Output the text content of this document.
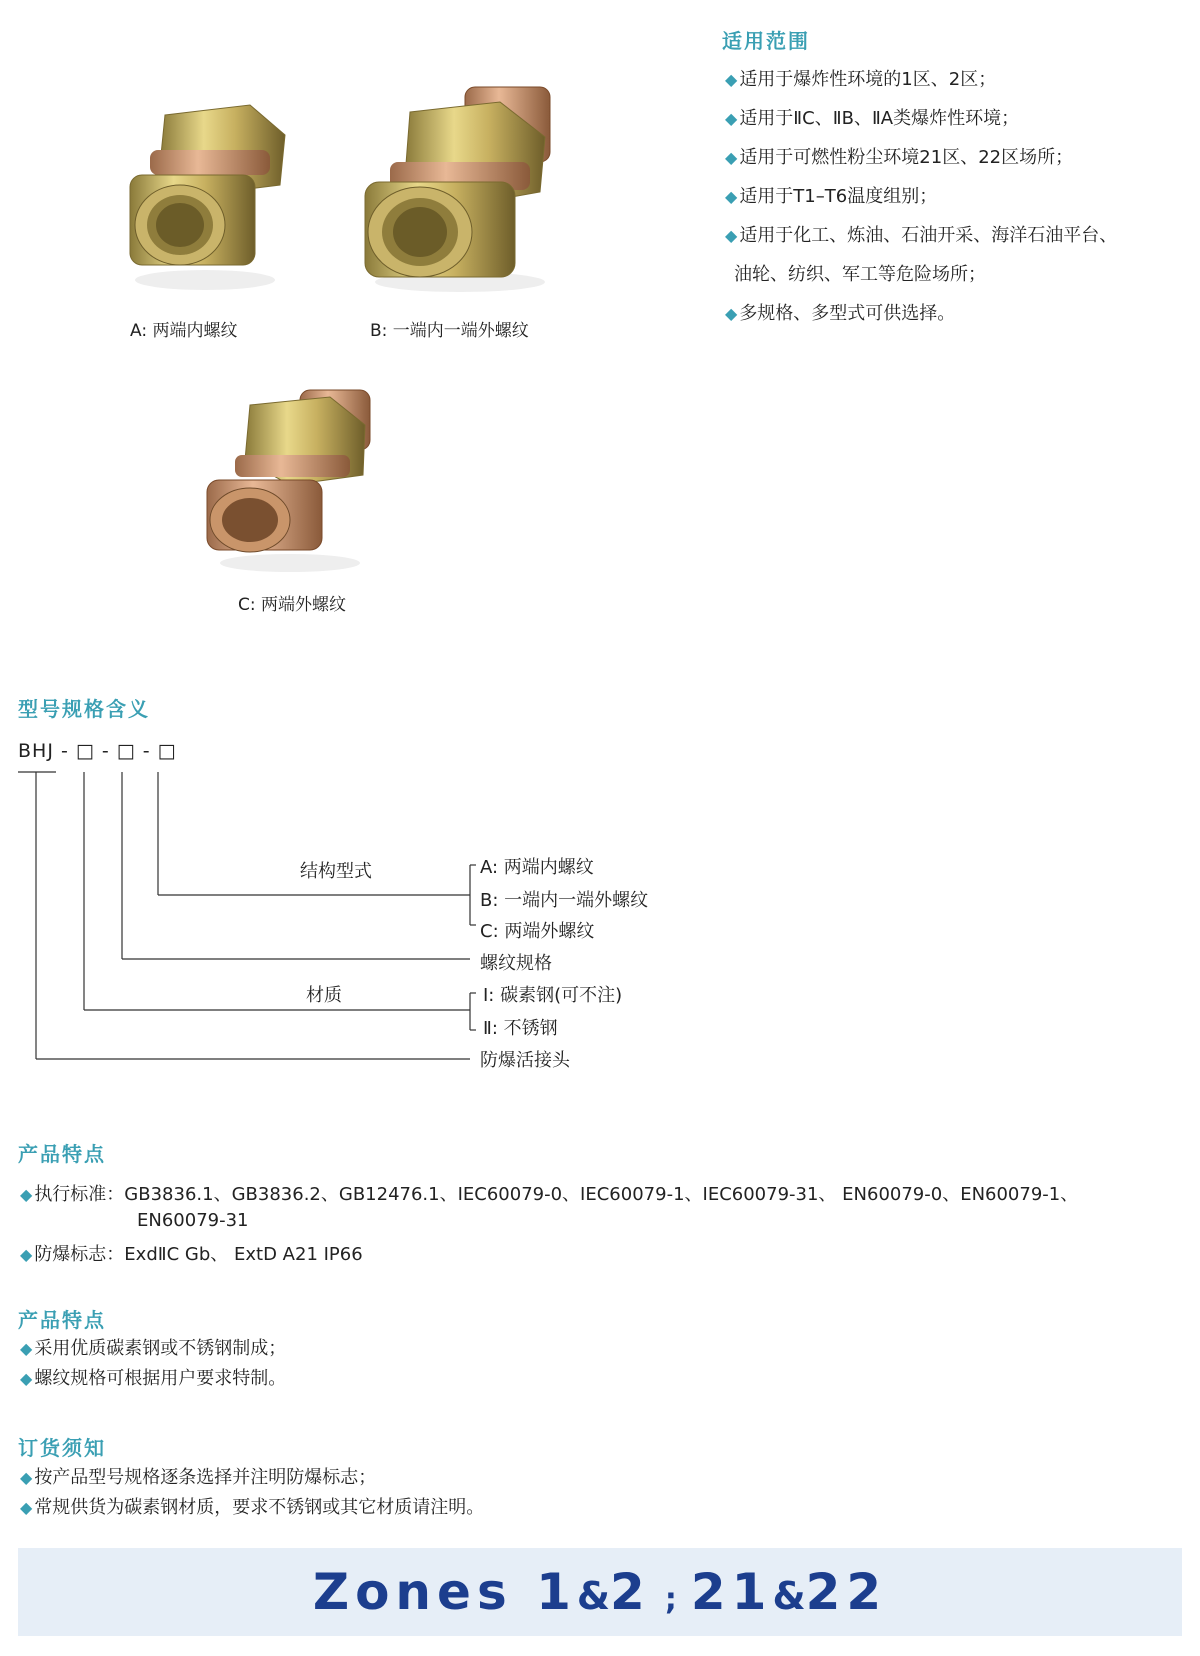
A: 两端内螺纹	B: 一端内一端外螺纹
C: 两端外螺纹
适用范围
◆ 适用于爆炸性环境的1区、2区；
◆ 适用于ⅡC、ⅡB、ⅡA类爆炸性环境；
◆ 适用于可燃性粉尘环境21区、22区场所；
◆ 适用于T1–T6温度组别；
◆ 适用于化工、炼油、石油开采、海洋石油平台、
油轮、纺织、军工等危险场所；
◆ 多规格、多型式可供选择。
型号规格含义
BHJ - □ - □ - □
结构型式	A: 两端内螺纹
B: 一端内一端外螺纹
C: 两端外螺纹
螺纹规格
材质	Ⅰ: 碳素钢(可不注)
Ⅱ: 不锈钢
防爆活接头
产品特点
◆ 执行标准：GB3836.1、GB3836.2、GB12476.1、IEC60079-0、IEC60079-1、IEC60079-31、 EN60079-0、EN60079-1、
EN60079-31
◆ 防爆标志：ExdⅡC Gb、 ExtD A21 IP66
产品特点
◆ 采用优质碳素钢或不锈钢制成；
◆ 螺纹规格可根据用户要求特制。
订货须知
◆ 按产品型号规格逐条选择并注明防爆标志；
◆ 常规供货为碳素钢材质，要求不锈钢或其它材质请注明。
Zones 1&2 ; 21&22
